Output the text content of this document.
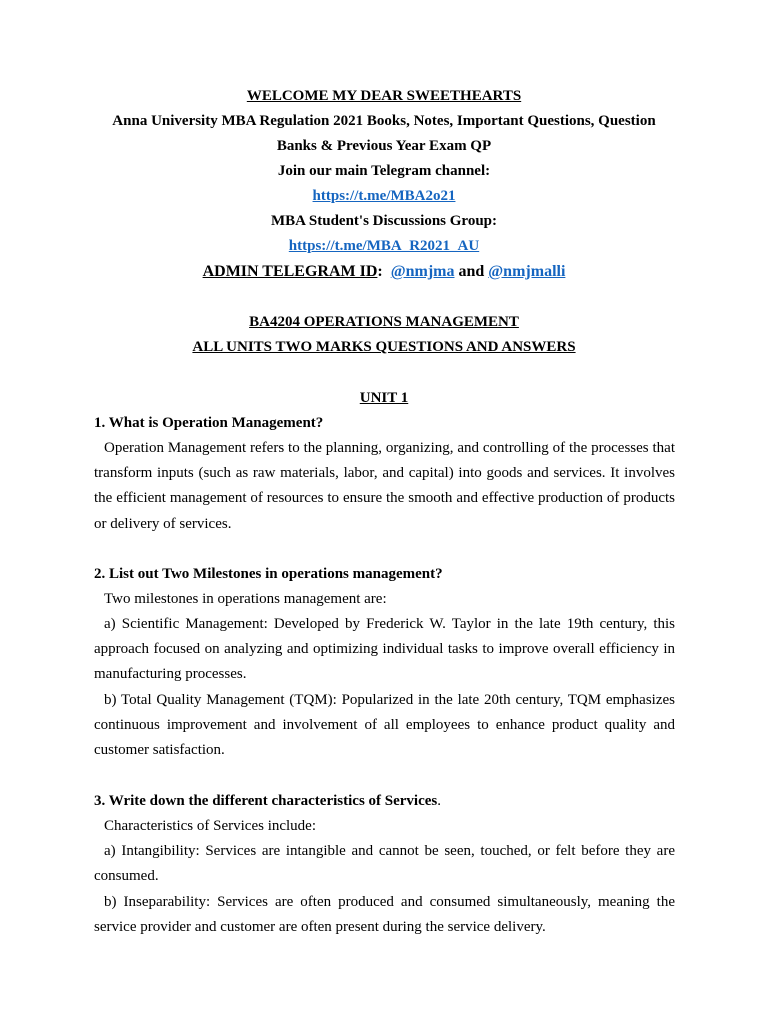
WELCOME MY DEAR SWEETHEARTS
Anna University MBA Regulation 2021 Books, Notes, Important Questions, Question
Banks & Previous Year Exam QP
Join our main Telegram channel:
https://t.me/MBA2o21
MBA Student's Discussions Group:
https://t.me/MBA_R2021_AU
ADMIN TELEGRAM ID: @nmjma and @nmjmalli
BA4204 OPERATIONS MANAGEMENT
ALL UNITS TWO MARKS QUESTIONS AND ANSWERS
UNIT 1
1. What is Operation Management?
Operation Management refers to the planning, organizing, and controlling of the processes that transform inputs (such as raw materials, labor, and capital) into goods and services. It involves the efficient management of resources to ensure the smooth and effective production of products or delivery of services.
2. List out Two Milestones in operations management?
Two milestones in operations management are:
a) Scientific Management: Developed by Frederick W. Taylor in the late 19th century, this approach focused on analyzing and optimizing individual tasks to improve overall efficiency in manufacturing processes.
b) Total Quality Management (TQM): Popularized in the late 20th century, TQM emphasizes continuous improvement and involvement of all employees to enhance product quality and customer satisfaction.
3. Write down the different characteristics of Services.
Characteristics of Services include:
a) Intangibility: Services are intangible and cannot be seen, touched, or felt before they are consumed.
b) Inseparability: Services are often produced and consumed simultaneously, meaning the service provider and customer are often present during the service delivery.
